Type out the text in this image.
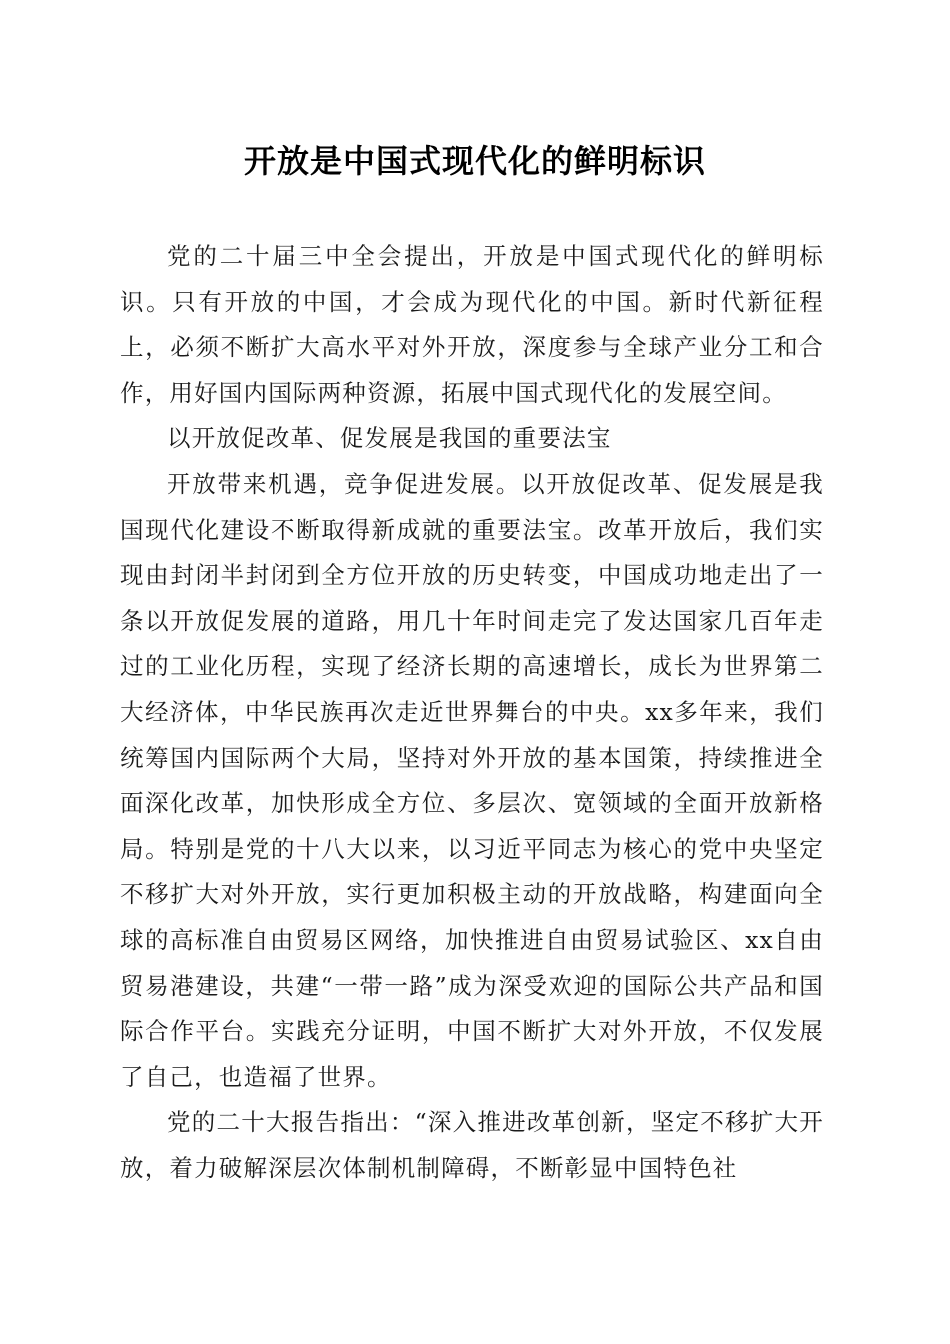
开放是中国式现代化的鲜明标识

党的二十届三中全会提出，开放是中国式现代化的鲜明标识。只有开放的中国，才会成为现代化的中国。新时代新征程上，必须不断扩大高水平对外开放，深度参与全球产业分工和合作，用好国内国际两种资源，拓展中国式现代化的发展空间。

以开放促改革、促发展是我国的重要法宝

开放带来机遇，竞争促进发展。以开放促改革、促发展是我国现代化建设不断取得新成就的重要法宝。改革开放后，我们实现由封闭半封闭到全方位开放的历史转变，中国成功地走出了一条以开放促发展的道路，用几十年时间走完了发达国家几百年走过的工业化历程，实现了经济长期的高速增长，成长为世界第二大经济体，中华民族再次走近世界舞台的中央。xx多年来，我们统筹国内国际两个大局，坚持对外开放的基本国策，持续推进全面深化改革，加快形成全方位、多层次、宽领域的全面开放新格局。特别是党的十八大以来，以习近平同志为核心的党中央坚定不移扩大对外开放，实行更加积极主动的开放战略，构建面向全球的高标准自由贸易区网络，加快推进自由贸易试验区、xx自由贸易港建设，共建“一带一路”成为深受欢迎的国际公共产品和国际合作平台。实践充分证明，中国不断扩大对外开放，不仅发展了自己，也造福了世界。

党的二十大报告指出：“深入推进改革创新，坚定不移扩大开放，着力破解深层次体制机制障碍，不断彰显中国特色社
